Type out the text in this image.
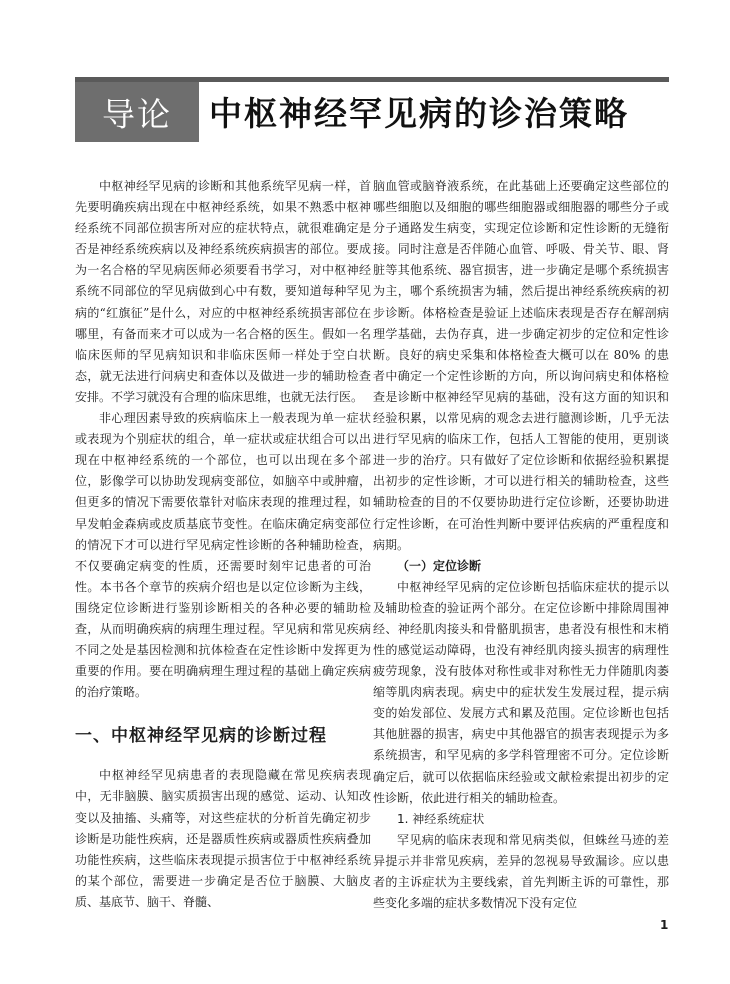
导论	中枢神经罕见病的诊治策略

中枢神经罕见病的诊断和其他系统罕见病一样，首先要明确疾病出现在中枢神经系统，如果不熟悉中枢神经系统不同部位损害所对应的症状特点，就很难确定是否是神经系统疾病以及神经系统疾病损害的部位。要成为一名合格的罕见病医师必须要看书学习，对中枢神经系统不同部位的罕见病做到心中有数，要知道每种罕见病的“红旗征”是什么，对应的中枢神经系统损害部位在哪里，有备而来才可以成为一名合格的医生。假如一名临床医师的罕见病知识和非临床医师一样处于空白状态，就无法进行问病史和查体以及做进一步的辅助检查安排。不学习就没有合理的临床思维，也就无法行医。

非心理因素导致的疾病临床上一般表现为单一症状或表现为个别症状的组合，单一症状或症状组合可以出现在中枢神经系统的一个部位，也可以出现在多个部位，影像学可以协助发现病变部位，如脑卒中或肿瘤，但更多的情况下需要依靠针对临床表现的推理过程，如早发帕金森病或皮质基底节变性。在临床确定病变部位的情况下才可以进行罕见病定性诊断的各种辅助检查，不仅要确定病变的性质，还需要时刻牢记患者的可治性。本书各个章节的疾病介绍也是以定位诊断为主线，围绕定位诊断进行鉴别诊断相关的各种必要的辅助检查，从而明确疾病的病理生理过程。罕见病和常见疾病不同之处是基因检测和抗体检查在定性诊断中发挥更为重要的作用。要在明确病理生理过程的基础上确定疾病的治疗策略。

一、中枢神经罕见病的诊断过程

中枢神经罕见病患者的表现隐藏在常见疾病表现中，无非脑膜、脑实质损害出现的感觉、运动、认知改变以及抽搐、头痛等，对这些症状的分析首先确定初步诊断是功能性疾病，还是器质性疾病或器质性疾病叠加功能性疾病，这些临床表现提示损害位于中枢神经系统的某个部位，需要进一步确定是否位于脑膜、大脑皮质、基底节、脑干、脊髓、

脑血管或脑脊液系统，在此基础上还要确定这些部位的哪些细胞以及细胞的哪些细胞器或细胞器的哪些分子或分子通路发生病变，实现定位诊断和定性诊断的无缝衔接。同时注意是否伴随心血管、呼吸、骨关节、眼、肾脏等其他系统、器官损害，进一步确定是哪个系统损害为主，哪个系统损害为辅，然后提出神经系统疾病的初步诊断。体格检查是验证上述临床表现是否存在解剖病理学基础，去伪存真，进一步确定初步的定位和定性诊断。良好的病史采集和体格检查大概可以在 80% 的患者中确定一个定性诊断的方向，所以询问病史和体格检查是诊断中枢神经罕见病的基础，没有这方面的知识和经验积累，以常见病的观念去进行臆测诊断，几乎无法进行罕见病的临床工作，包括人工智能的使用，更别谈进一步的治疗。只有做好了定位诊断和依据经验积累提出初步的定性诊断，才可以进行相关的辅助检查，这些辅助检查的目的不仅要协助进行定位诊断，还要协助进行定性诊断，在可治性判断中要评估疾病的严重程度和病期。

（一）定位诊断

中枢神经罕见病的定位诊断包括临床症状的提示以及辅助检查的验证两个部分。在定位诊断中排除周围神经、神经肌肉接头和骨骼肌损害，患者没有根性和末梢性的感觉运动障碍，也没有神经肌肉接头损害的病理性疲劳现象，没有肢体对称性或非对称性无力伴随肌肉萎缩等肌肉病表现。病史中的症状发生发展过程，提示病变的始发部位、发展方式和累及范围。定位诊断也包括其他脏器的损害，病史中其他器官的损害表现提示为多系统损害，和罕见病的多学科管理密不可分。定位诊断确定后，就可以依据临床经验或文献检索提出初步的定性诊断，依此进行相关的辅助检查。

1. 神经系统症状

罕见病的临床表现和常见病类似，但蛛丝马迹的差异提示并非常见疾病，差异的忽视易导致漏诊。应以患者的主诉症状为主要线索，首先判断主诉的可靠性，那些变化多端的症状多数情况下没有定位

1
